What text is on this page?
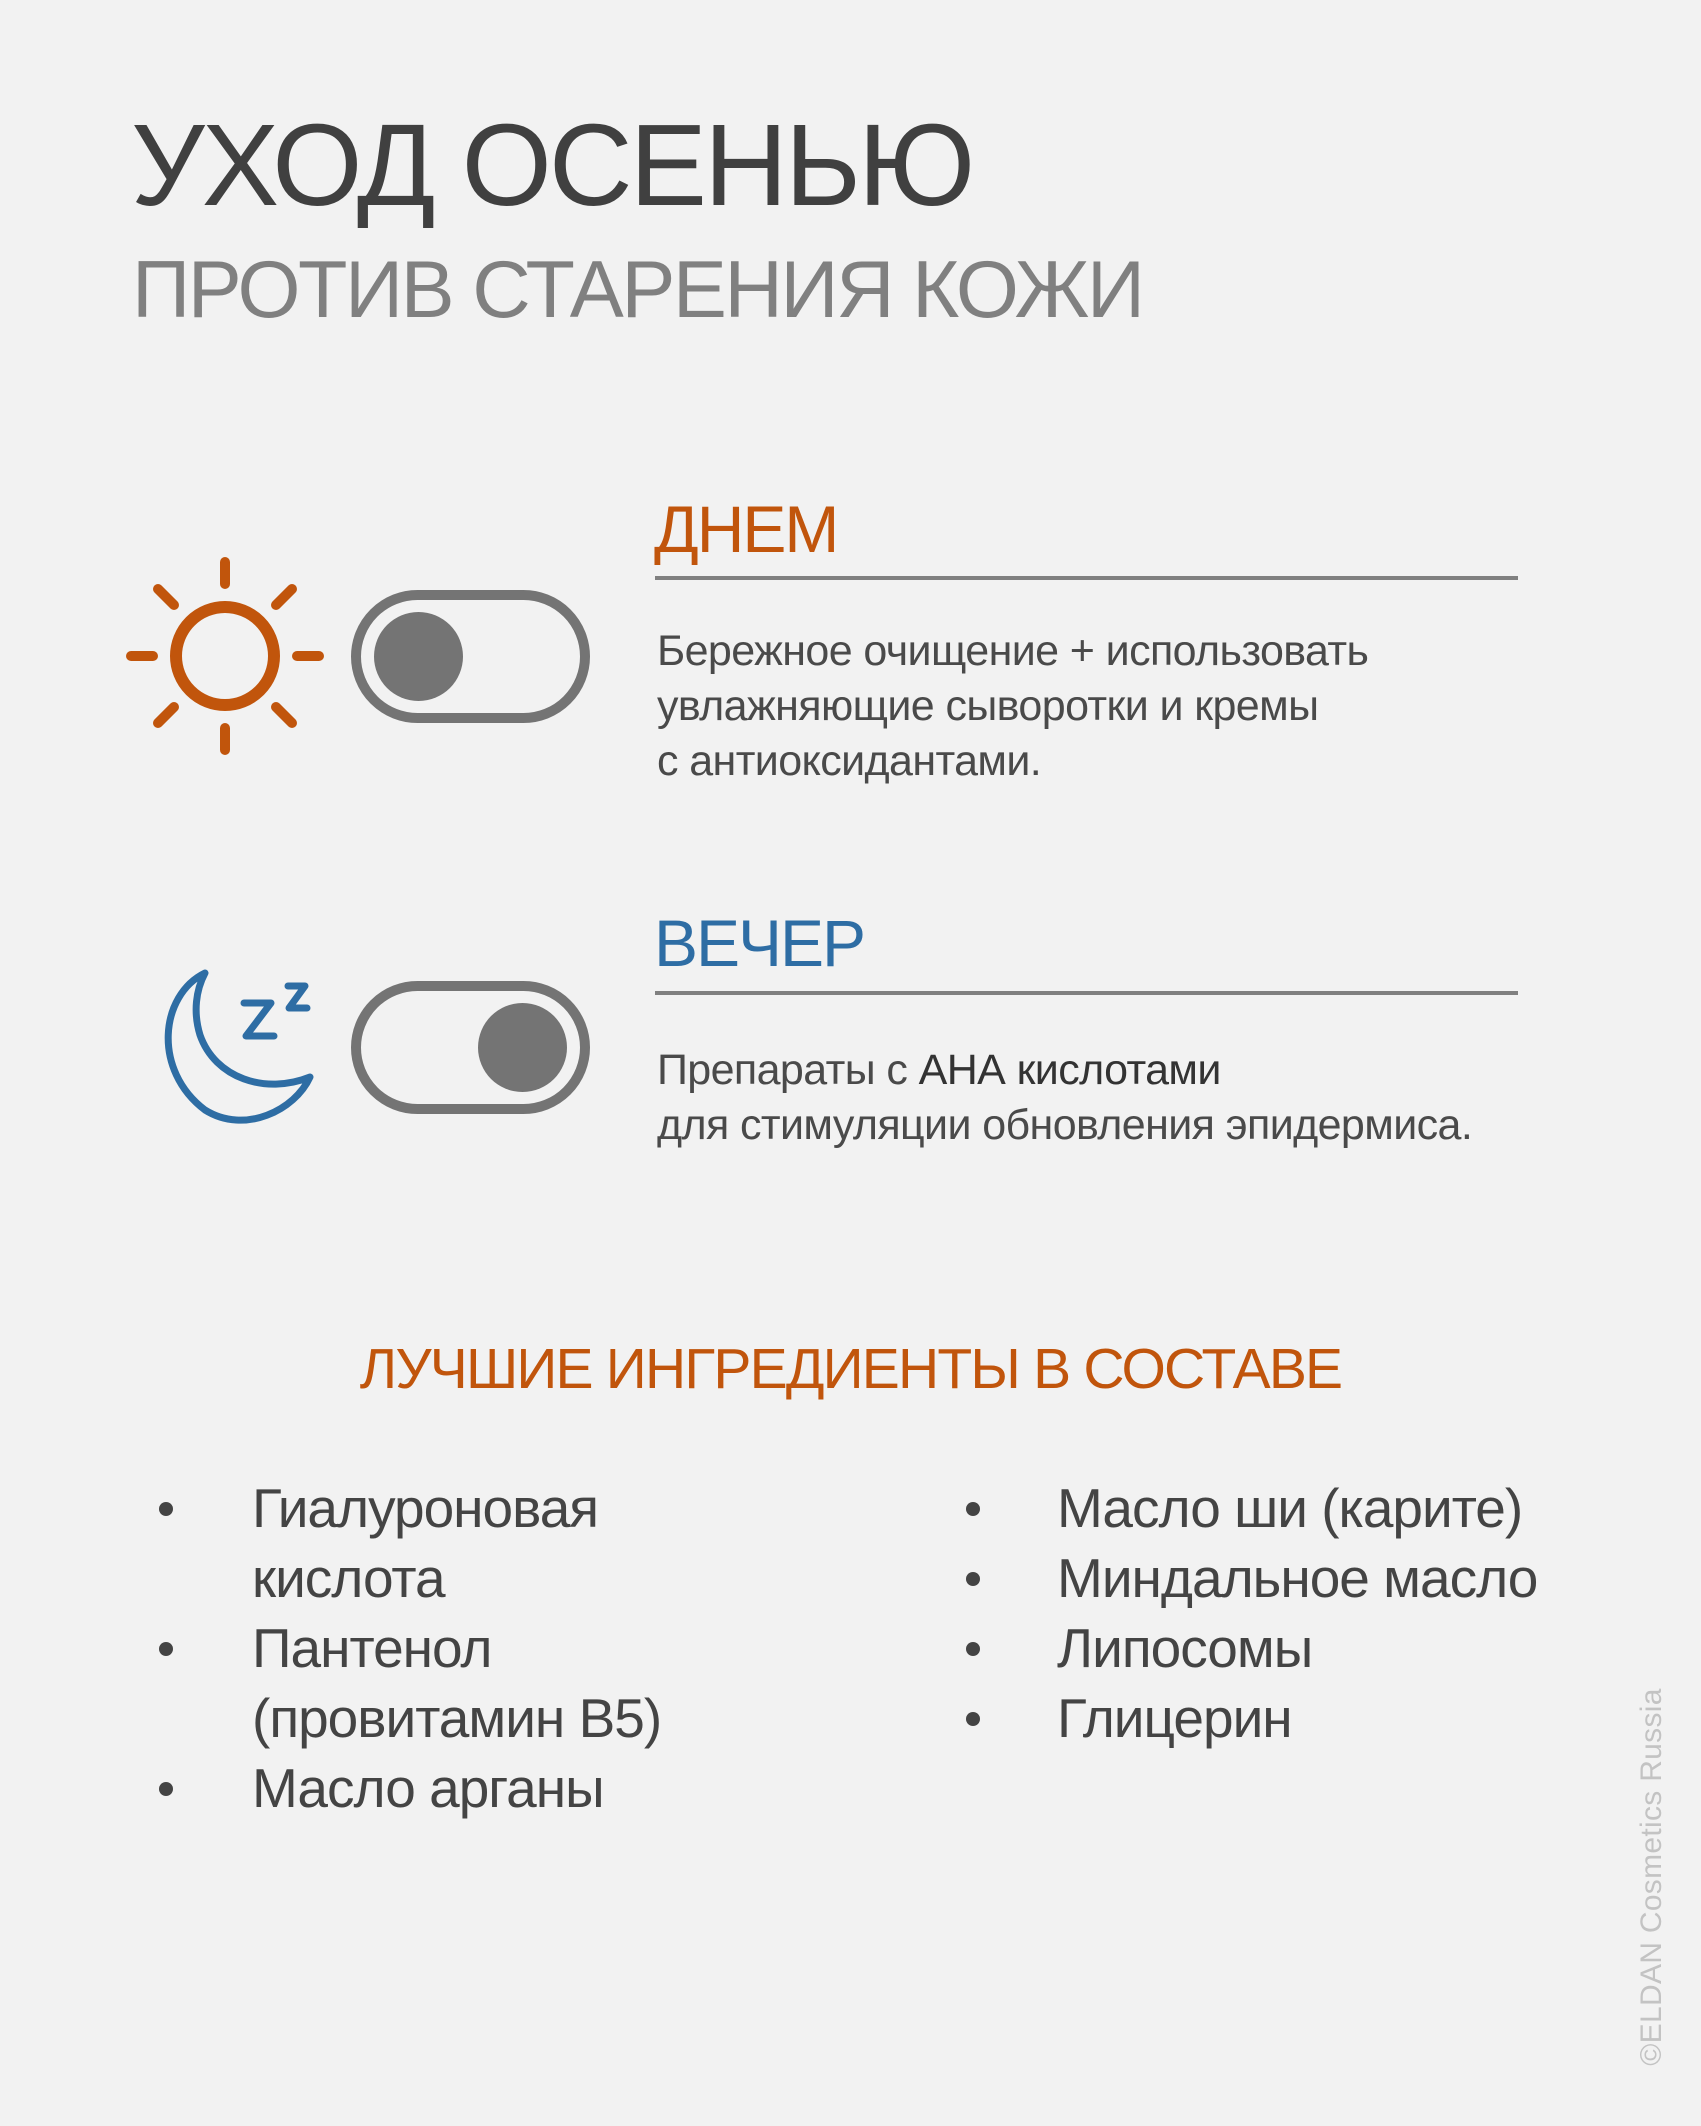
УХОД ОСЕНЬЮ
ПРОТИВ СТАРЕНИЯ КОЖИ
ДНЕМ
Бережное очищение + использовать
увлажняющие сыворотки и кремы
с антиоксидантами.
ВЕЧЕР
Препараты с АНА кислотами
для стимуляции обновления эпидермиса.
ЛУЧШИЕ ИНГРЕДИЕНТЫ В СОСТАВЕ
Гиалуроновая
кислота
Пантенол
(провитамин B5)
Масло арганы
Масло ши (карите)
Миндальное масло
Липосомы
Глицерин	©ELDAN Cosmetics Russia
